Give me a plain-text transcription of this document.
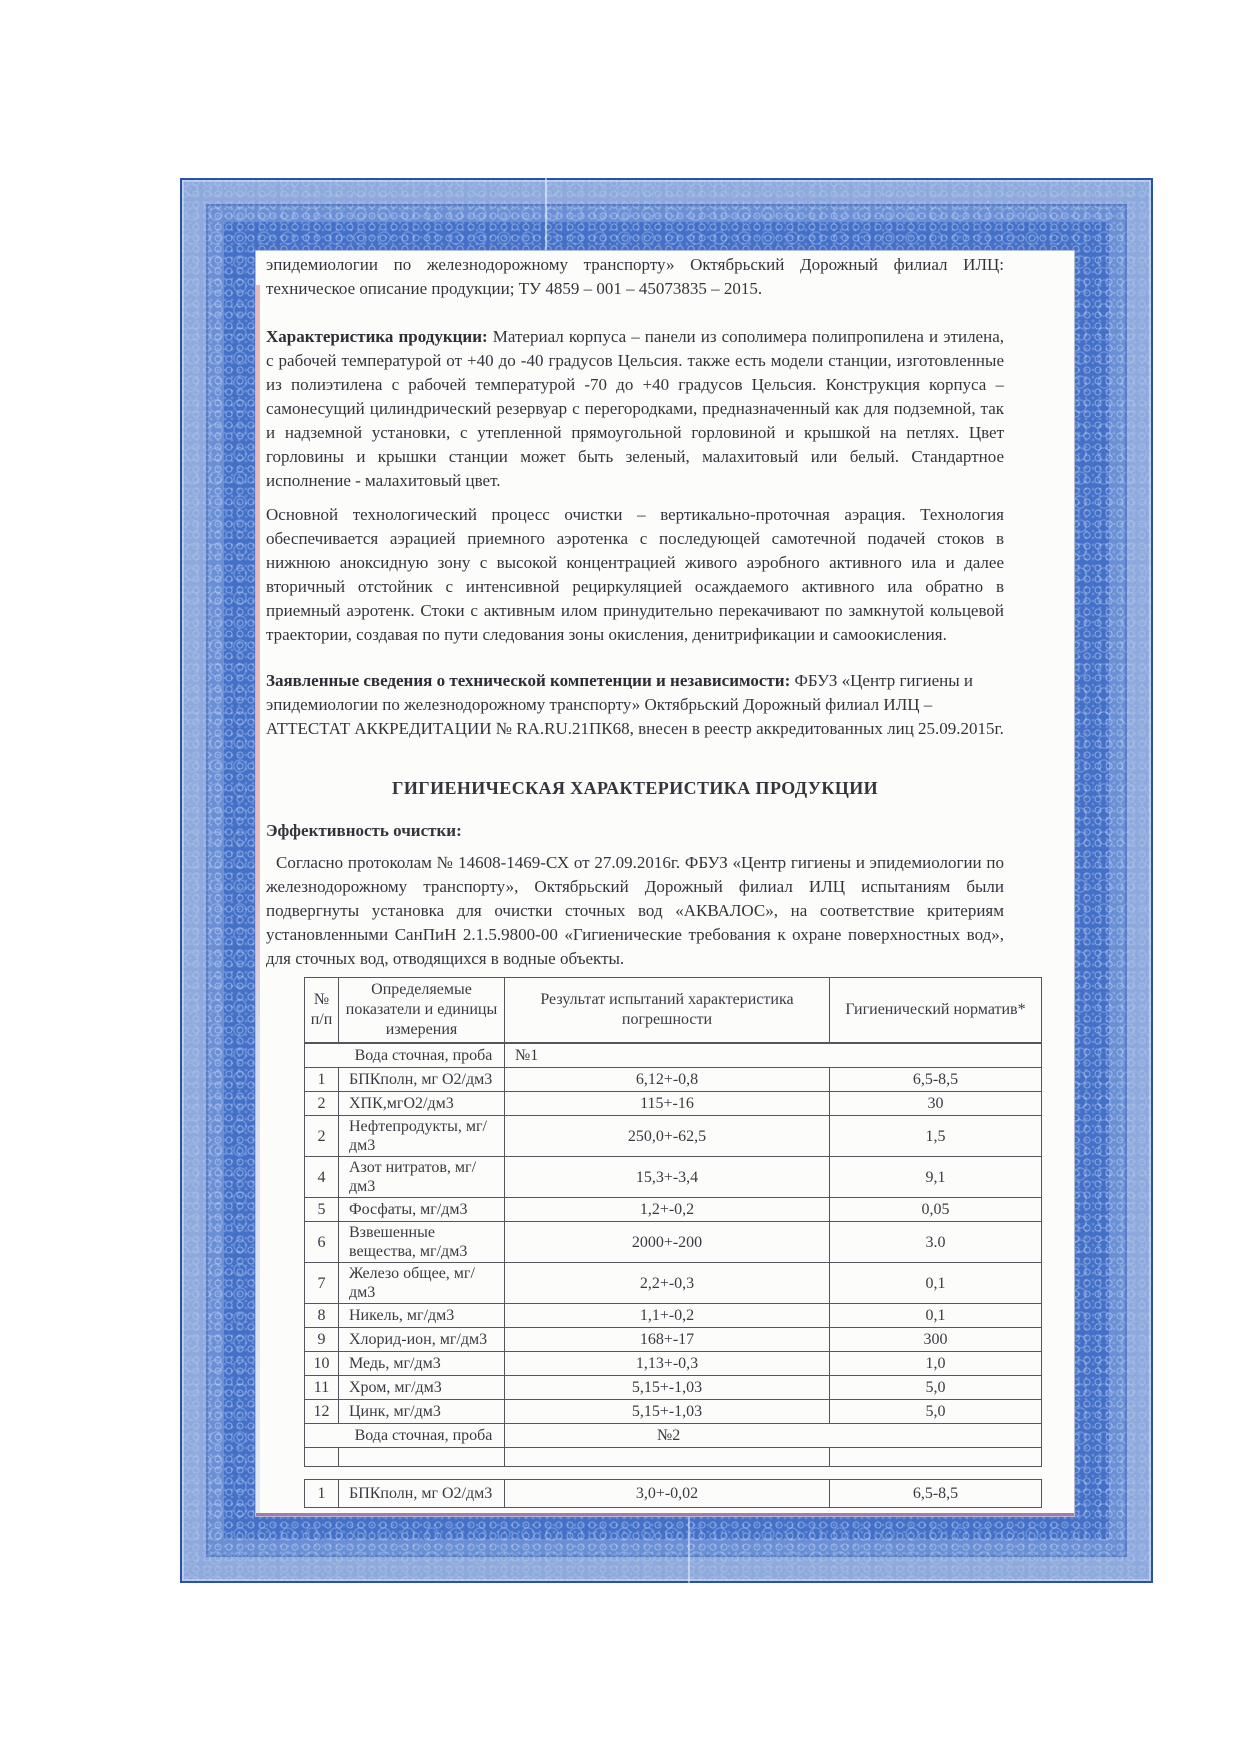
эпидемиологии по железнодорожному транспорту» Октябрьский Дорожный филиал ИЛЦ:

техническое описание продукции; ТУ 4859 – 001 – 45073835 – 2015.

Характеристика продукции: Материал корпуса – панели из сополимера полипропилена и этилена, с рабочей температурой от +40 до -40 градусов Цельсия. также есть модели станции, изготовленные из полиэтилена с рабочей температурой -70 до +40 градусов Цельсия. Конструкция корпуса – самонесущий цилиндрический резервуар с перегородками, предназначенный как для подземной, так и надземной установки, с утепленной прямоугольной горловиной и крышкой на петлях. Цвет горловины и крышки станции может быть зеленый, малахитовый или белый. Стандартное исполнение - малахитовый цвет.

Основной технологический процесс очистки – вертикально-проточная аэрация. Технология обеспечивается аэрацией приемного аэротенка с последующей самотечной подачей стоков в нижнюю аноксидную зону с высокой концентрацией живого аэробного активного ила и далее вторичный отстойник с интенсивной рециркуляцией осаждаемого активного ила обратно в приемный аэротенк. Стоки с активным илом принудительно перекачивают по замкнутой кольцевой траектории, создавая по пути следования зоны окисления, денитрификации и самоокисления.

Заявленные сведения о технической компетенции и независимости: ФБУЗ «Центр гигиены и эпидемиологии по железнодорожному транспорту» Октябрьский Дорожный филиал ИЛЦ – АТТЕСТАТ АККРЕДИТАЦИИ № RA.RU.21ПК68, внесен в реестр аккредитованных лиц 25.09.2015г.

ГИГИЕНИЧЕСКАЯ ХАРАКТЕРИСТИКА ПРОДУКЦИИ

Эффективность очистки:

Согласно протоколам № 14608-1469-СХ от 27.09.2016г. ФБУЗ «Центр гигиены и эпидемиологии по железнодорожному транспорту», Октябрьский Дорожный филиал ИЛЦ испытаниям были подвергнуты установка для очистки сточных вод «АКВАЛОС», на соответствие критериям установленными СанПиН 2.1.5.9800-00 «Гигиенические требования к охране поверхностных вод», для сточных вод, отводящихся в водные объекты.

№ п/п	Определяемые показатели и единицы измерения	Результат испытаний характеристика погрешности	Гигиенический норматив*
Вода сточная, проба		№1	
1	БПКполн, мг О2/дм3	6,12+-0,8	6,5-8,5
2	ХПК,мгО2/дм3	115+-16	30
2	Нефтепродукты, мг/дм3	250,0+-62,5	1,5
4	Азот нитратов, мг/дм3	15,3+-3,4	9,1
5	Фосфаты, мг/дм3	1,2+-0,2	0,05
6	Взвешенные вещества, мг/дм3	2000+-200	3.0
7	Железо общее, мг/дм3	2,2+-0,3	0,1
8	Никель, мг/дм3	1,1+-0,2	0,1
9	Хлорид-ион, мг/дм3	168+-17	300
10	Медь, мг/дм3	1,13+-0,3	1,0
11	Хром, мг/дм3	5,15+-1,03	5,0
12	Цинк, мг/дм3	5,15+-1,03	5,0
Вода сточная, проба		№2	

1	БПКполн, мг О2/дм3	3,0+-0,02	6,5-8,5
